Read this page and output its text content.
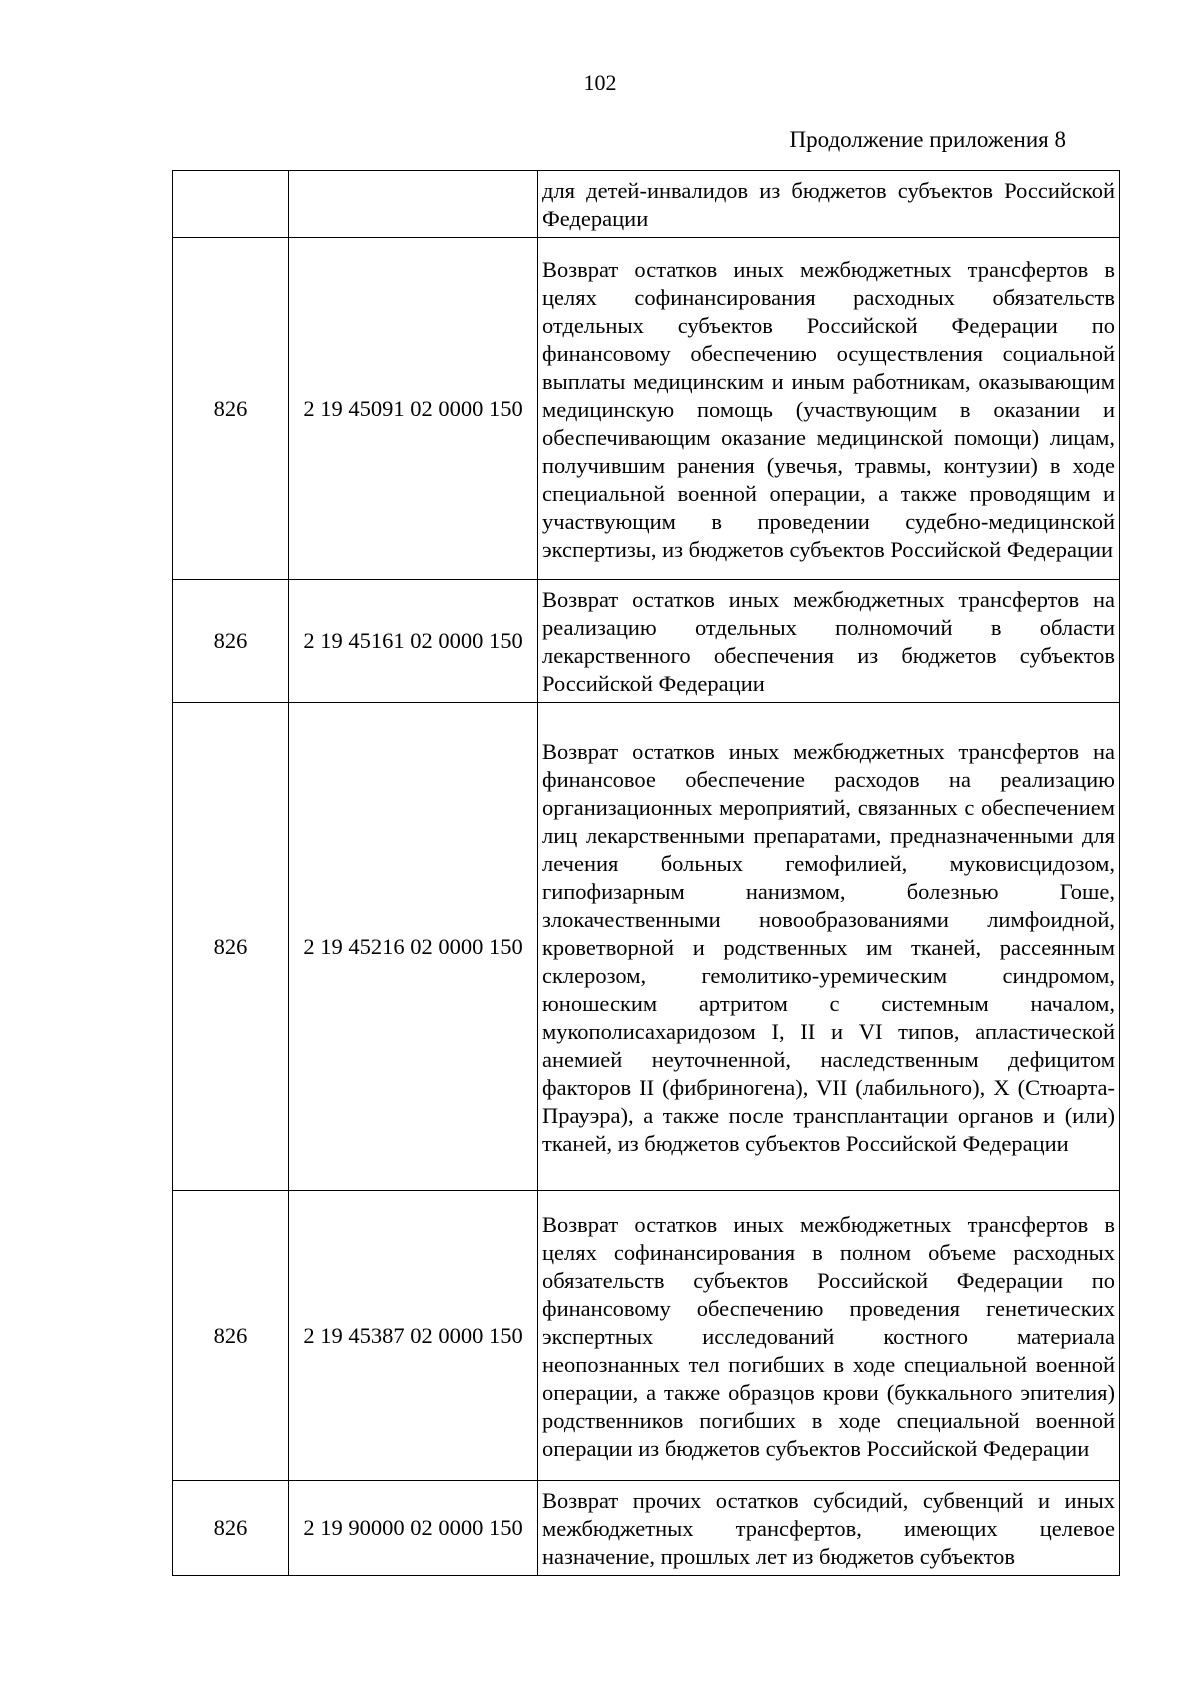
102
Продолжение приложения 8

		для детей-инвалидов из бюджетов субъектов Российской Федерации

826	2 19 45091 02 0000 150	Возврат остатков иных межбюджетных трансфертов в целях софинансирования расходных обязательств отдельных субъектов Российской Федерации по финансовому обеспечению осуществления социальной выплаты медицинским и иным работникам, оказывающим медицинскую помощь (участвующим в оказании и обеспечивающим оказание медицинской помощи) лицам, получившим ранения (увечья, травмы, контузии) в ходе специальной военной операции, а также проводящим и участвующим в проведении судебно-медицинской экспертизы, из бюджетов субъектов Российской Федерации

826	2 19 45161 02 0000 150	Возврат остатков иных межбюджетных трансфертов на реализацию отдельных полномочий в области лекарственного обеспечения из бюджетов субъектов Российской Федерации

826	2 19 45216 02 0000 150	Возврат остатков иных межбюджетных трансфертов на финансовое обеспечение расходов на реализацию организационных мероприятий, связанных с обеспечением лиц лекарственными препаратами, предназначенными для лечения больных гемофилией, муковисцидозом, гипофизарным нанизмом, болезнью Гоше, злокачественными новообразованиями лимфоидной, кроветворной и родственных им тканей, рассеянным склерозом, гемолитико-уремическим синдромом, юношеским артритом с системным началом, мукополисахаридозом I, II и VI типов, апластической анемией неуточненной, наследственным дефицитом факторов II (фибриногена), VII (лабильного), X (Стюарта-Прауэра), а также после трансплантации органов и (или) тканей, из бюджетов субъектов Российской Федерации

826	2 19 45387 02 0000 150	Возврат остатков иных межбюджетных трансфертов в целях софинансирования в полном объеме расходных обязательств субъектов Российской Федерации по финансовому обеспечению проведения генетических экспертных исследований костного материала неопознанных тел погибших в ходе специальной военной операции, а также образцов крови (буккального эпителия) родственников погибших в ходе специальной военной операции из бюджетов субъектов Российской Федерации

826	2 19 90000 02 0000 150	Возврат прочих остатков субсидий, субвенций и иных межбюджетных трансфертов, имеющих целевое назначение, прошлых лет из бюджетов субъектов
